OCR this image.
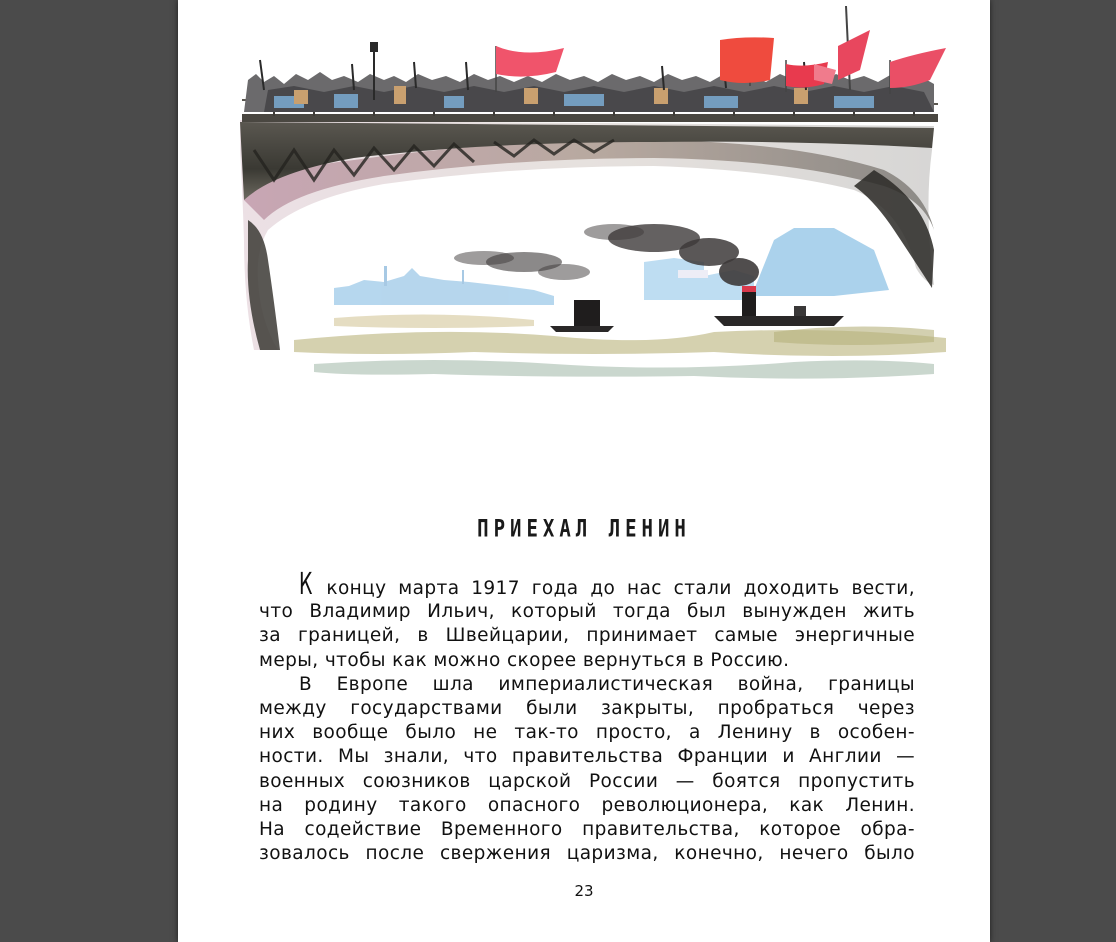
ПРИЕХАЛ ЛЕНИН
К концу марта 1917 года до нас стали доходить вести,
что Владимир Ильич, который тогда был вынужден жить
за границей, в Швейцарии, принимает самые энергичные
меры, чтобы как можно скорее вернуться в Россию.
В Европе шла империалистическая война, границы
между государствами были закрыты, пробраться через
них вообще было не так-то просто, а Ленину в особен-
ности. Мы знали, что правительства Франции и Англии —
военных союзников царской России — боятся пропустить
на родину такого опасного революционера, как Ленин.
На содействие Временного правительства, которое обра-
зовалось после свержения царизма, конечно, нечего было
23
